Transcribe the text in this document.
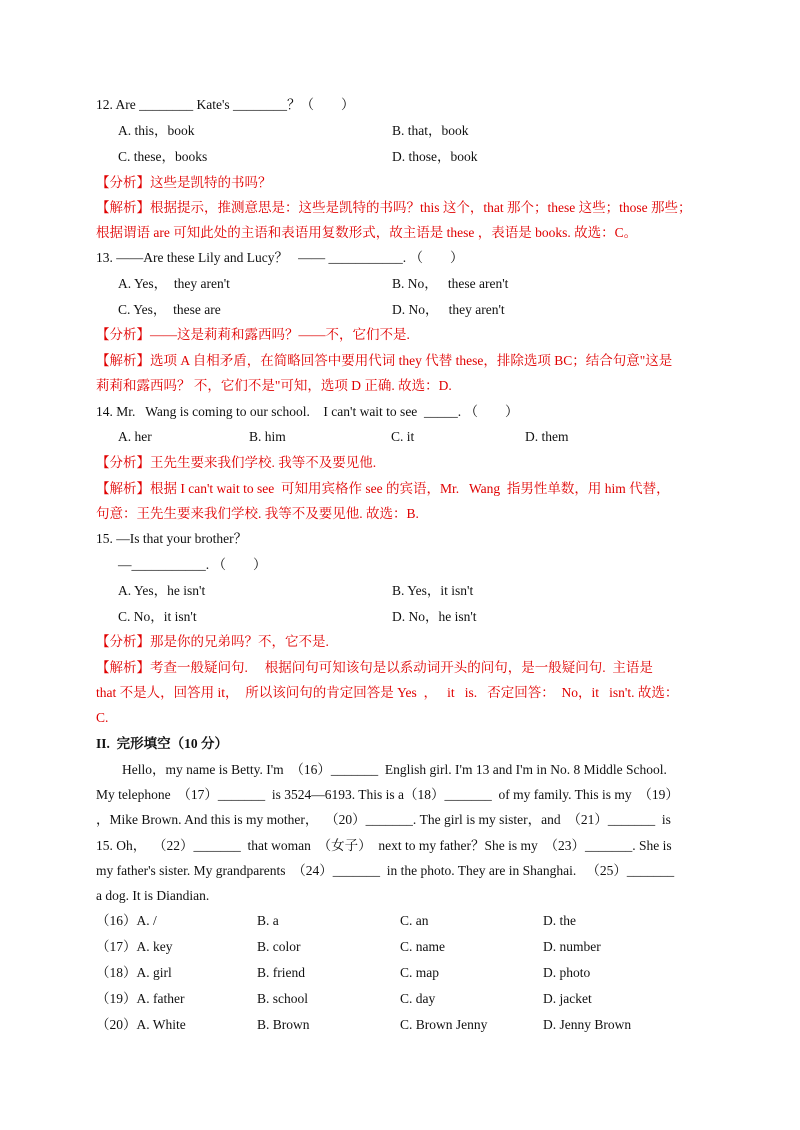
12. Are ________ Kate's ________？（        ）
A. this，book	B. that，book
C. these，books	D. those，book
【分析】这些是凯特的书吗？
【解析】根据提示，推测意思是：这些是凯特的书吗？this 这个，that 那个；these 这些；those 那些；
根据谓语 are 可知此处的主语和表语用复数形式，故主语是 these ，表语是 books. 故选：C。
13. ——Are these Lily and Lucy？   —— ___________. （        ）
A. Yes，  they aren't	B. No，   these aren't
C. Yes，  these are	D. No，   they aren't
【分析】——这是莉莉和露西吗？——不，它们不是.
【解析】选项 A 自相矛盾，在简略回答中要用代词 they 代替 these，排除选项 BC；结合句意"这是
莉莉和露西吗？ 不，它们不是"可知，选项 D 正确. 故选：D.
14. Mr.   Wang is coming to our school.    I can't wait to see  _____. （        ）
A. her	B. him	C. it	D. them
【分析】王先生要来我们学校. 我等不及要见他.
【解析】根据 I can't wait to see  可知用宾格作 see 的宾语，Mr.   Wang  指男性单数，用 him 代替，
句意：王先生要来我们学校. 我等不及要见他. 故选：B.
15. —Is that your brother？
—___________. （        ）
A. Yes，he isn't	B. Yes，it isn't
C. No，it isn't	D. No，he isn't
【分析】那是你的兄弟吗？不，它不是.
【解析】考查一般疑问句.     根据问句可知该句是以系动词开头的问句，是一般疑问句.  主语是
that 不是人，回答用 it，  所以该问句的肯定回答是 Yes  ，   it   is.   否定回答：  No，it   isn't. 故选：
C.
II.  完形填空（10 分）
Hello，my name is Betty. I'm  （16）_______  English girl. I'm 13 and I'm in No. 8 Middle School.
My telephone  （17）_______  is 3524—6193. This is a（18）_______  of my family. This is my  （19）
，Mike Brown. And this is my mother，  （20）_______. The girl is my sister，and  （21）_______  is
15. Oh，  （22）_______  that woman  （女子）  next to my father？She is my  （23）_______. She is
my father's sister. My grandparents  （24）_______  in the photo. They are in Shanghai.   （25）_______
a dog. It is Diandian.
（16）A. /	B. a	C. an	D. the
（17）A. key	B. color	C. name	D. number
（18）A. girl	B. friend	C. map	D. photo
（19）A. father	B. school	C. day	D. jacket
（20）A. White	B. Brown	C. Brown Jenny	D. Jenny Brown
